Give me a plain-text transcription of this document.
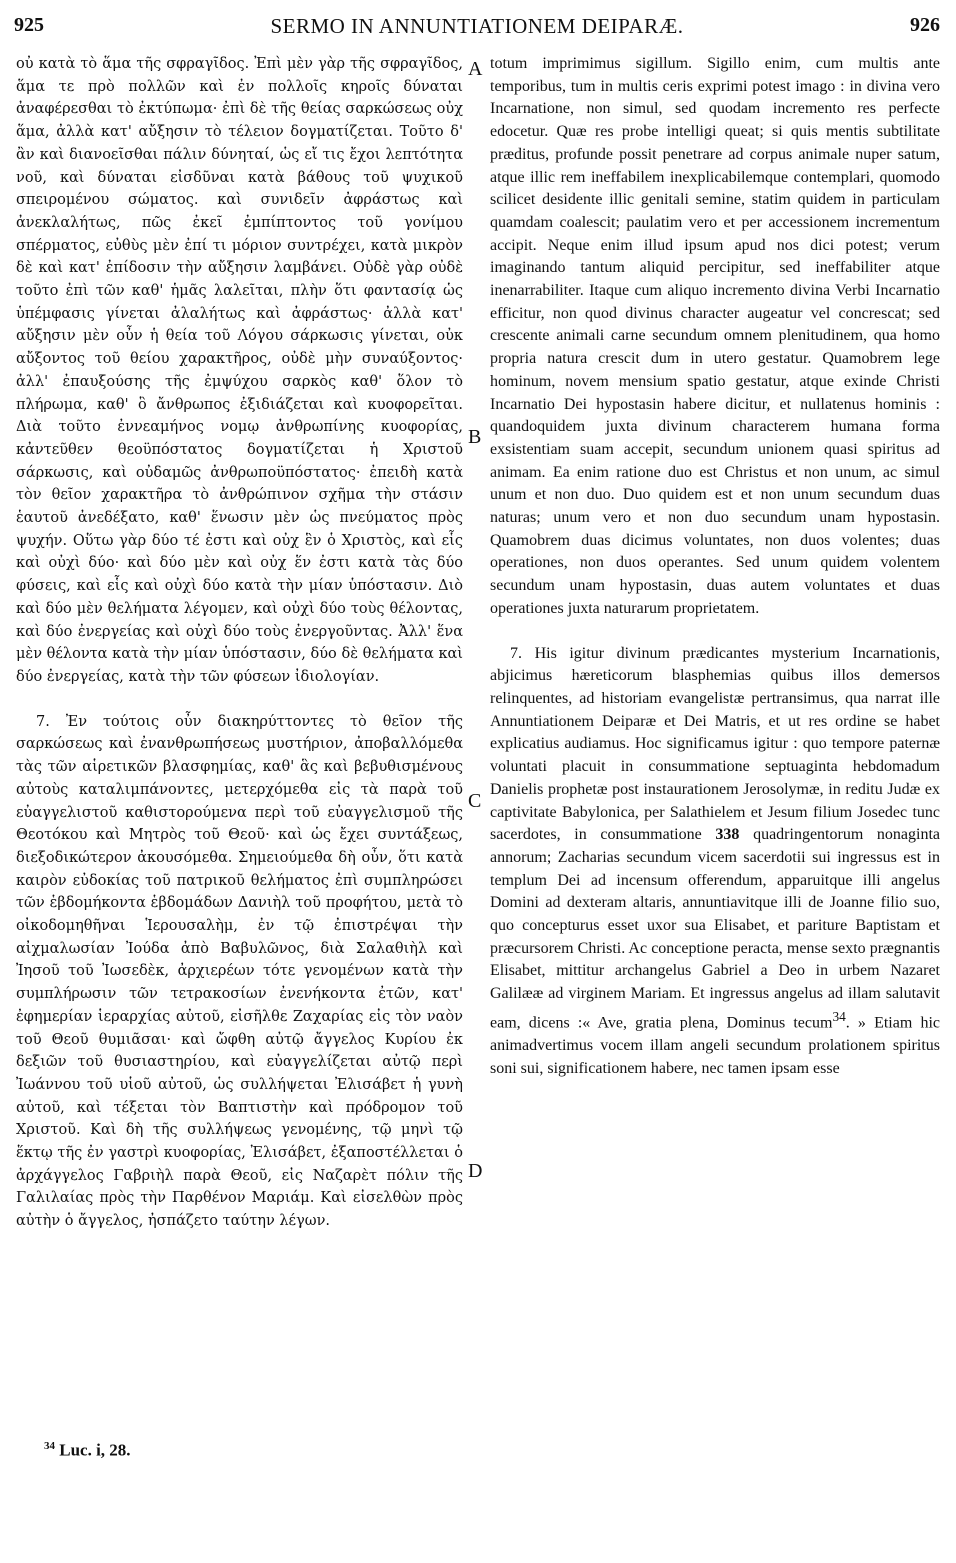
925	SERMO IN ANNUNTIATIONEM DEIPARÆ.	926

οὐ κατὰ τὸ ἅμα τῆς σφραγῖδος. Ἐπὶ μὲν γὰρ τῆς σφραγῖδος, ἅμα τε πρὸ πολλῶν καὶ ἐν πολλοῖς κηροῖς δύναται ἀναφέρεσθαι τὸ ἐκτύπωμα· ἐπὶ δὲ τῆς θείας σαρκώσεως οὐχ ἅμα, ἀλλὰ κατ' αὔξησιν τὸ τέλειον δογματίζεται. Τοῦτο δ' ἂν καὶ διανοεῖσθαι πάλιν δύνηταί, ὡς εἴ τις ἔχοι λεπτότητα νοῦ, καὶ δύναται εἰσδῦναι κατὰ βάθους τοῦ ψυχικοῦ σπειρομένου σώματος. καὶ συνιδεῖν ἀφράστως καὶ ἀνεκλαλήτως, πῶς ἐκεῖ ἐμπίπτοντος τοῦ γονίμου σπέρματος, εὐθὺς μὲν ἐπί τι μόριον συντρέχει, κατὰ μικρὸν δὲ καὶ κατ' ἐπίδοσιν τὴν αὔξησιν λαμβάνει. Οὐδὲ γὰρ οὐδὲ τοῦτο ἐπὶ τῶν καθ' ἡμᾶς λαλεῖται, πλὴν ὅτι φαντασίᾳ ὡς ὑπέμφασις γίνεται ἀλαλήτως καὶ ἀφράστως· ἀλλὰ κατ' αὔξησιν μὲν οὖν ἡ θεία τοῦ Λόγου σάρκωσις γίνεται, οὐκ αὔξοντος τοῦ θείου χαρακτῆρος, οὐδὲ μὴν συναύξοντος· ἀλλ' ἐπαυξούσης τῆς ἐμψύχου σαρκὸς καθ' ὅλον τὸ πλήρωμα, καθ' ὃ ἄνθρωπος ἐξιδιάζεται καὶ κυοφορεῖται. Διὰ τοῦτο ἐννεαμήνος νομῳ ἀνθρωπίνης κυοφορίας, κἀντεῦθεν θεοϋπόστατος δογματίζεται ἡ Χριστοῦ σάρκωσις, καὶ οὐδαμῶς ἀνθρωποϋπόστατος· ἐπειδὴ κατὰ τὸν θεῖον χαρακτῆρα τὸ ἀνθρώπινον σχῆμα τὴν στάσιν ἑαυτοῦ ἀνεδέξατο, καθ' ἕνωσιν μὲν ὡς πνεύματος πρὸς ψυχήν. Οὕτω γὰρ δύο τέ ἐστι καὶ οὐχ ἓν ὁ Χριστὸς, καὶ εἷς καὶ οὐχὶ δύο· καὶ δύο μὲν καὶ οὐχ ἕν ἐστι κατὰ τὰς δύο φύσεις, καὶ εἷς καὶ οὐχὶ δύο κατὰ τὴν μίαν ὑπόστασιν. Διὸ καὶ δύο μὲν θελήματα λέγομεν, καὶ οὐχὶ δύο τοὺς θέλοντας, καὶ δύο ἐνεργείας καὶ οὐχὶ δύο τοὺς ἐνεργοῦντας. Ἀλλ' ἕνα μὲν θέλοντα κατὰ τὴν μίαν ὑπόστασιν, δύο δὲ θελήματα καὶ δύο ἐνεργείας, κατὰ τὴν τῶν φύσεων ἰδιολογίαν.

7. Ἐν τούτοις οὖν διακηρύττοντες τὸ θεῖον τῆς σαρκώσεως καὶ ἐνανθρωπήσεως μυστήριον, ἀποβαλλόμεθα τὰς τῶν αἱρετικῶν βλασφημίας, καθ' ἃς καὶ βεβυθισμένους αὐτοὺς καταλιμπάνοντες, μετερχόμεθα εἰς τὰ παρὰ τοῦ εὐαγγελιστοῦ καθιστορούμενα περὶ τοῦ εὐαγγελισμοῦ τῆς Θεοτόκου καὶ Μητρὸς τοῦ Θεοῦ· καὶ ὡς ἔχει συντάξεως, διεξοδικώτερον ἀκουσόμεθα. Σημειούμεθα δὴ οὖν, ὅτι κατὰ καιρὸν εὐδοκίας τοῦ πατρικοῦ θελήματος ἐπὶ συμπληρώσει τῶν ἑβδομήκοντα ἑβδομάδων Δανιὴλ τοῦ προφήτου, μετὰ τὸ οἰκοδομηθῆναι Ἱερουσαλὴμ, ἐν τῷ ἐπιστρέψαι τὴν αἰχμαλωσίαν Ἰούδα ἀπὸ Βαβυλῶνος, διὰ Σαλαθιὴλ καὶ Ἰησοῦ τοῦ Ἰωσεδὲκ, ἀρχιερέων τότε γενομένων κατὰ τὴν συμπλήρωσιν τῶν τετρακοσίων ἐνενήκοντα ἐτῶν, κατ' ἐφημερίαν ἱεραρχίας αὐτοῦ, εἰσῆλθε Ζαχαρίας εἰς τὸν ναὸν τοῦ Θεοῦ θυμιᾶσαι· καὶ ὤφθη αὐτῷ ἄγγελος Κυρίου ἐκ δεξιῶν τοῦ θυσιαστηρίου, καὶ εὐαγγελίζεται αὐτῷ περὶ Ἰωάννου τοῦ υἱοῦ αὐτοῦ, ὡς συλλήψεται Ἐλισάβετ ἡ γυνὴ αὐτοῦ, καὶ τέξεται τὸν Βαπτιστὴν καὶ πρόδρομον τοῦ Χριστοῦ. Καὶ δὴ τῆς συλλήψεως γενομένης, τῷ μηνὶ τῷ ἕκτῳ τῆς ἐν γαστρὶ κυοφορίας, Ἐλισάβετ, ἐξαποστέλλεται ὁ ἀρχάγγελος Γαβριὴλ παρὰ Θεοῦ, εἰς Ναζαρὲτ πόλιν τῆς Γαλιλαίας πρὸς τὴν Παρθένον Μαριάμ. Καὶ εἰσελθὼν πρὸς αὐτὴν ὁ ἄγγελος, ἠσπάζετο ταύτην λέγων.

A
B
C
D

totum imprimimus sigillum. Sigillo enim, cum multis ante temporibus, tum in multis ceris exprimi potest imago : in divina vero Incarnatione, non simul, sed quodam incremento res perfecte edocetur. Quæ res probe intelligi queat; si quis mentis subtilitate præditus, profunde possit penetrare ad corpus animale nuper satum, atque illic rem ineffabilem inexplicabilemque contemplari, quomodo scilicet desidente illic genitali semine, statim quidem in particulam quamdam coalescit; paulatim vero et per accessionem incrementum accipit. Neque enim illud ipsum apud nos dici potest; verum imaginando tantum aliquid percipitur, sed ineffabiliter atque inenarrabiliter. Itaque cum aliquo incremento divina Verbi Incarnatio efficitur, non quod divinus character augeatur vel concrescat; sed crescente animali carne secundum omnem plenitudinem, qua homo propria natura crescit dum in utero gestatur. Quamobrem lege hominum, novem mensium spatio gestatur, atque exinde Christi Incarnatio Dei hypostasin habere dicitur, et nullatenus hominis : quandoquidem juxta divinum characterem humana forma exsistentiam suam accepit, secundum unionem quasi spiritus ad animam. Ea enim ratione duo est Christus et non unum, ac simul unum et non duo. Duo quidem est et non unum secundum duas naturas; unum vero et non duo secundum unam hypostasin. Quamobrem duas dicimus voluntates, non duos volentes; duas operationes, non duos operantes. Sed unum quidem volentem secundum unam hypostasin, duas autem voluntates et duas operationes juxta naturarum proprietatem.

7. His igitur divinum prædicantes mysterium Incarnationis, abjicimus hæreticorum blasphemias quibus illos demersos relinquentes, ad historiam evangelistæ pertransimus, qua narrat ille Annuntiationem Deiparæ et Dei Matris, et ut res ordine se habet explicatius audiamus. Hoc significamus igitur : quo tempore paternæ voluntati placuit in consummatione septuaginta hebdomadum Danielis prophetæ post instaurationem Jerosolymæ, in reditu Judæ ex captivitate Babylonica, per Salathielem et Jesum filium Josedec tunc sacerdotes, in consummatione 338 quadringentorum nonaginta annorum; Zacharias secundum vicem sacerdotii sui ingressus est in templum Dei ad incensum offerendum, apparuitque illi angelus Domini ad dexteram altaris, annuntiavitque illi de Joanne filio suo, quo concepturus esset uxor sua Elisabet, et pariture Baptistam et præcursorem Christi. Ac conceptione peracta, mense sexto prægnantis Elisabet, mittitur archangelus Gabriel a Deo in urbem Nazaret Galilææ ad virginem Mariam. Et ingressus angelus ad illam salutavit eam, dicens :« Ave, gratia plena, Dominus tecum$^{34}$. » Etiam hic animadvertimus vocem illam angeli secundum prolationem spiritus soni sui, significationem habere, nec tamen ipsam esse

$^{34}$ Luc. i, 28.
